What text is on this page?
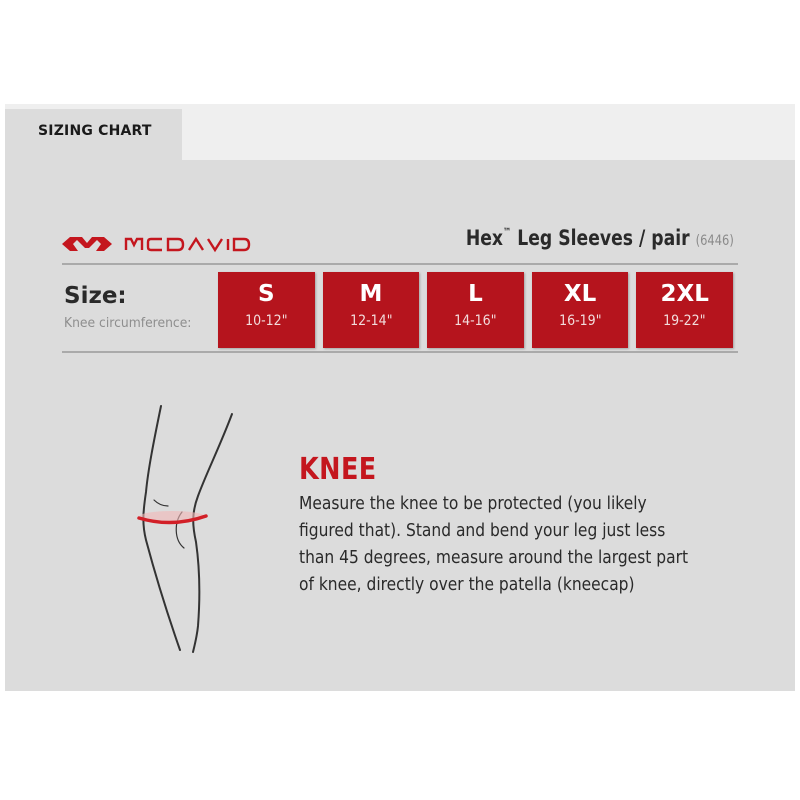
SIZING CHART
Hex™ Leg Sleeves / pair (6446)
Size:
Knee circumference:
S
10-12"
M
12-14"
L
14-16"
XL
16-19"
2XL
19-22"
KNEE
Measure the knee to be protected (you likely
figured that). Stand and bend your leg just less
than 45 degrees, measure around the largest part
of knee, directly over the patella (kneecap)
